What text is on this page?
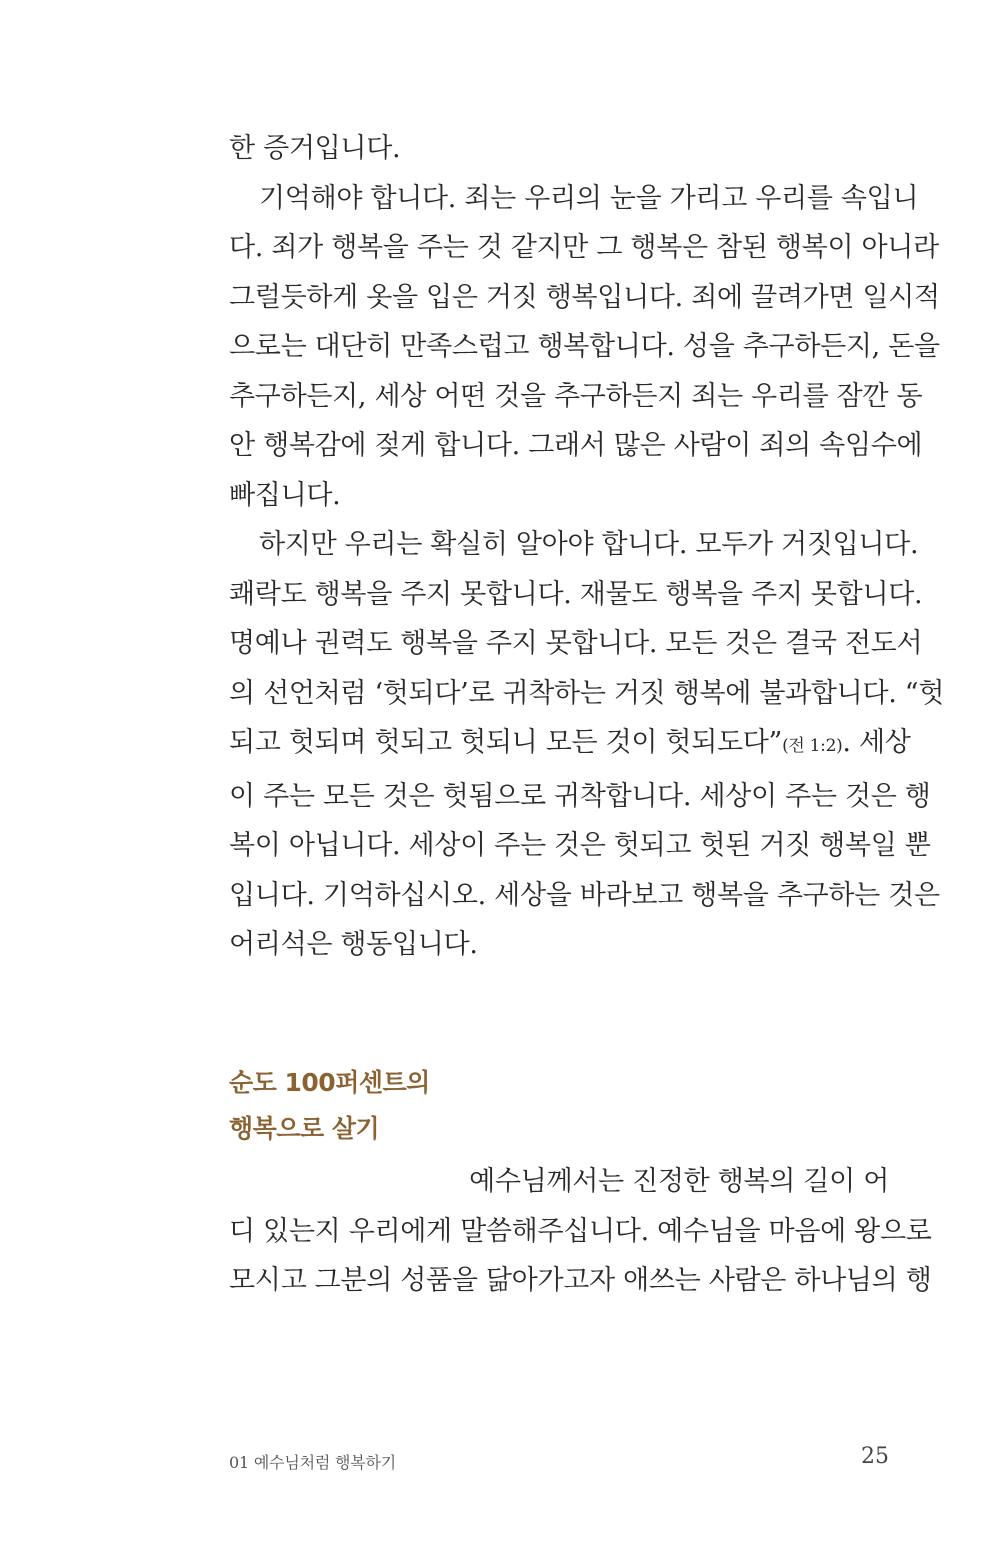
한 증거입니다.
기억해야 합니다. 죄는 우리의 눈을 가리고 우리를 속입니
다. 죄가 행복을 주는 것 같지만 그 행복은 참된 행복이 아니라
그럴듯하게 옷을 입은 거짓 행복입니다. 죄에 끌려가면 일시적
으로는 대단히 만족스럽고 행복합니다. 성을 추구하든지, 돈을
추구하든지, 세상 어떤 것을 추구하든지 죄는 우리를 잠깐 동
안 행복감에 젖게 합니다. 그래서 많은 사람이 죄의 속임수에
빠집니다.
하지만 우리는 확실히 알아야 합니다. 모두가 거짓입니다.
쾌락도 행복을 주지 못합니다. 재물도 행복을 주지 못합니다.
명예나 권력도 행복을 주지 못합니다. 모든 것은 결국 전도서
의 선언처럼 ‘헛되다’로 귀착하는 거짓 행복에 불과합니다. “헛
되고 헛되며 헛되고 헛되니 모든 것이 헛되도다”(전 1:2). 세상
이 주는 모든 것은 헛됨으로 귀착합니다. 세상이 주는 것은 행
복이 아닙니다. 세상이 주는 것은 헛되고 헛된 거짓 행복일 뿐
입니다. 기억하십시오. 세상을 바라보고 행복을 추구하는 것은
어리석은 행동입니다.
순도 100퍼센트의
행복으로 살기
예수님께서는 진정한 행복의 길이 어
디 있는지 우리에게 말씀해주십니다. 예수님을 마음에 왕으로
모시고 그분의 성품을 닮아가고자 애쓰는 사람은 하나님의 행
01 예수님처럼 행복하기	25
